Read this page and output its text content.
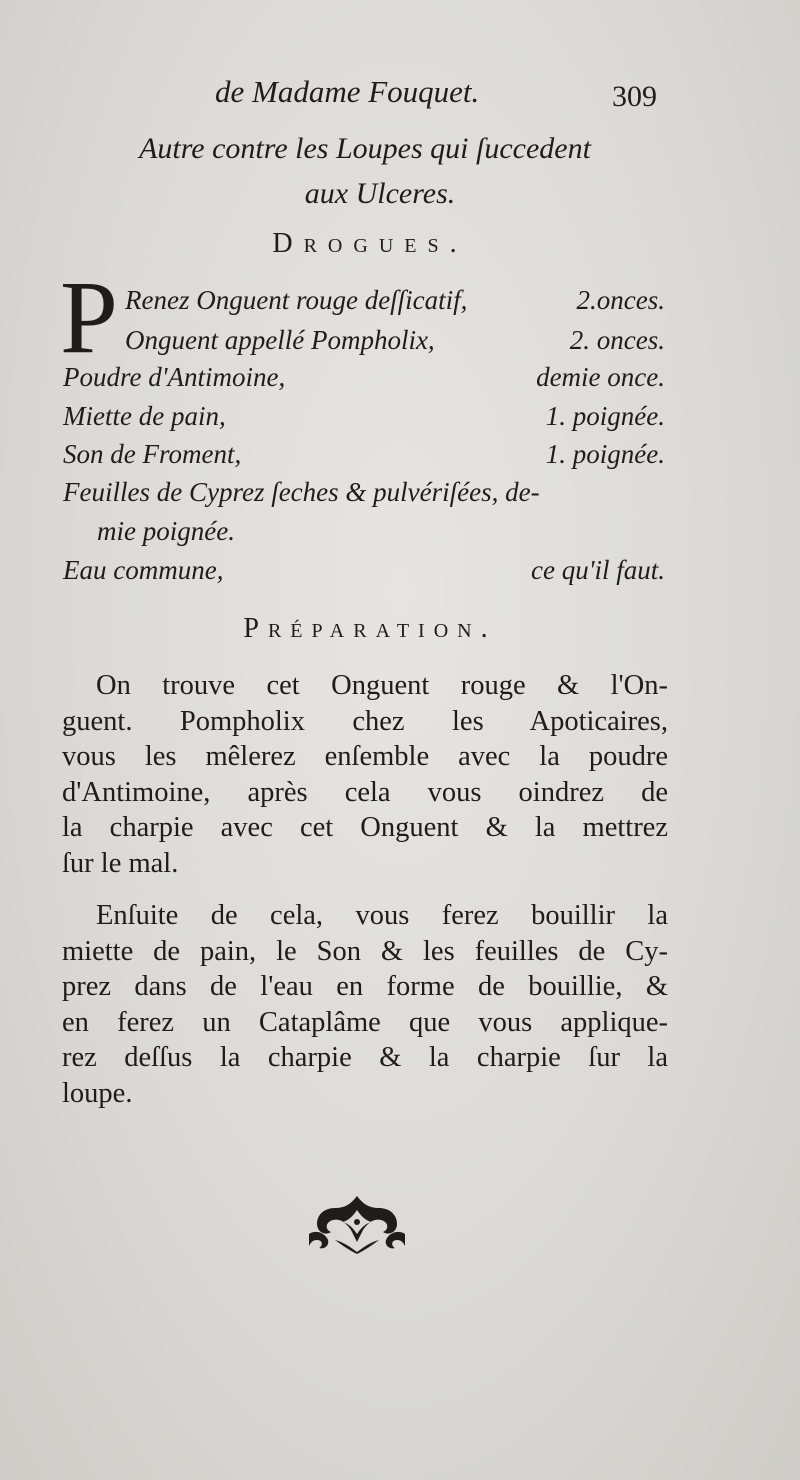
de Madame Fouquet.	309
Autre contre les Loupes qui ſuccedent
aux Ulceres.
Drogues.
P Renez Onguent rouge deſſicatif,	2.onces.
Onguent appellé Pompholix,	2. onces.
Poudre d'Antimoine,	demie once.
Miette de pain,	1. poignée.
Son de Froment,	1. poignée.
Feuilles de Cyprez ſeches & pulvériſées, de-
mie poignée.
Eau commune,	ce qu'il faut.
Préparation.
On trouve cet Onguent rouge & l'On-
guent. Pompholix chez les Apoticaires,
vous les mêlerez enſemble avec la poudre
d'Antimoine, après cela vous oindrez de
la charpie avec cet Onguent & la mettrez
ſur le mal.
Enſuite de cela, vous ferez bouillir la
miette de pain, le Son & les feuilles de Cy-
prez dans de l'eau en forme de bouillie, &
en ferez un Cataplâme que vous applique-
rez deſſus la charpie & la charpie ſur la
loupe.
